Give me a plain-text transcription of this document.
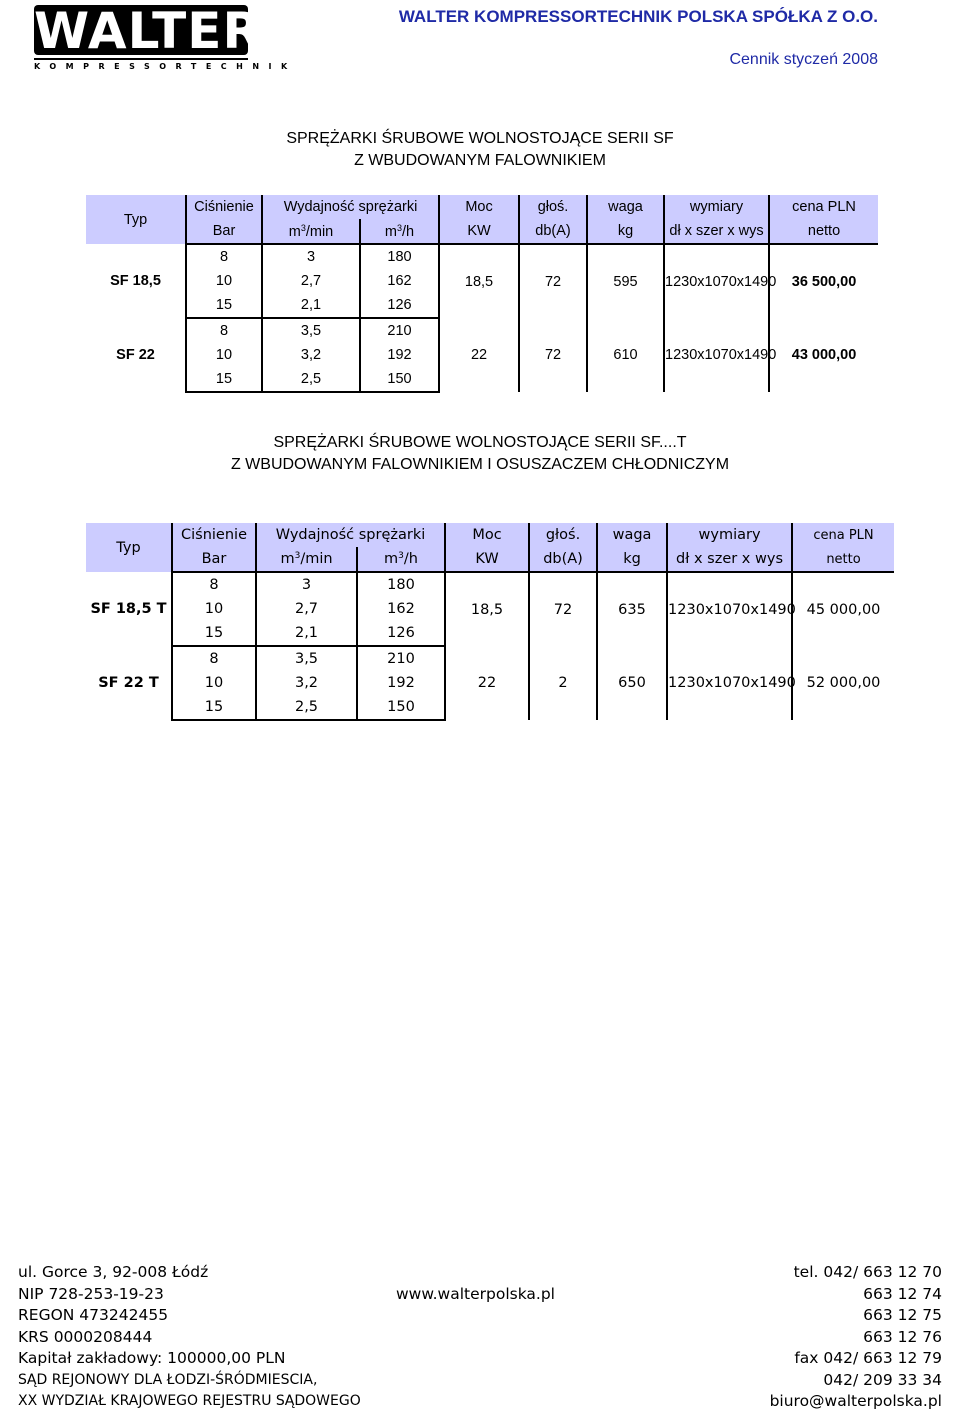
WALTER
KOMPRESSORTECHNIK
WALTER KOMPRESSORTECHNIK POLSKA SPÓŁKA Z O.O.
Cennik styczeń 2008
SPRĘŻARKI ŚRUBOWE WOLNOSTOJĄCE SERII SF
Z WBUDOWANYM FALOWNIKIEM
Typ	Ciśnienie	Wydajność sprężarki		Moc	głoś.	waga	wymiary	cena PLN
	Bar	$m^3/\min$	$m^3/h$	KW	db(A)	kg	dł x szer x wys	netto
SF 18,5	8	3	180	18,5	72	595	1230x1070x1490	36 500,00
	10	2,7	162					
	15	2,1	126					
SF 22	8	3,5	210	22	72	610	1230x1070x1490	43 000,00
	10	3,2	192					
	15	2,5	150					
SPRĘŻARKI ŚRUBOWE WOLNOSTOJĄCE SERII SF....T
Z WBUDOWANYM FALOWNIKIEM I OSUSZACZEM CHŁODNICZYM
Typ	Ciśnienie	Wydajność sprężarki		Moc	głoś.	waga	wymiary	cena PLN
	Bar	$m^3/\min$	$m^3/h$	KW	db(A)	kg	dł x szer x wys	netto
SF 18,5 T	8	3	180	18,5	72	635	1230x1070x1490	45 000,00
	10	2,7	162					
	15	2,1	126					
SF 22 T	8	3,5	210	22	2	650	1230x1070x1490	52 000,00
	10	3,2	192					
	15	2,5	150					
ul. Gorce 3, 92-008 Łódź
NIP 728-253-19-23
REGON 473242455
KRS 0000208444
Kapitał zakładowy: 100000,00 PLN
SĄD REJONOWY DLA ŁODZI-ŚRÓDMIESCIA,
XX WYDZIAŁ KRAJOWEGO REJESTRU SĄDOWEGO
www.walterpolska.pl
tel. 042/ 663 12 70
663 12 74
663 12 75
663 12 76
fax 042/ 663 12 79
042/ 209 33 34
biuro@walterpolska.pl
